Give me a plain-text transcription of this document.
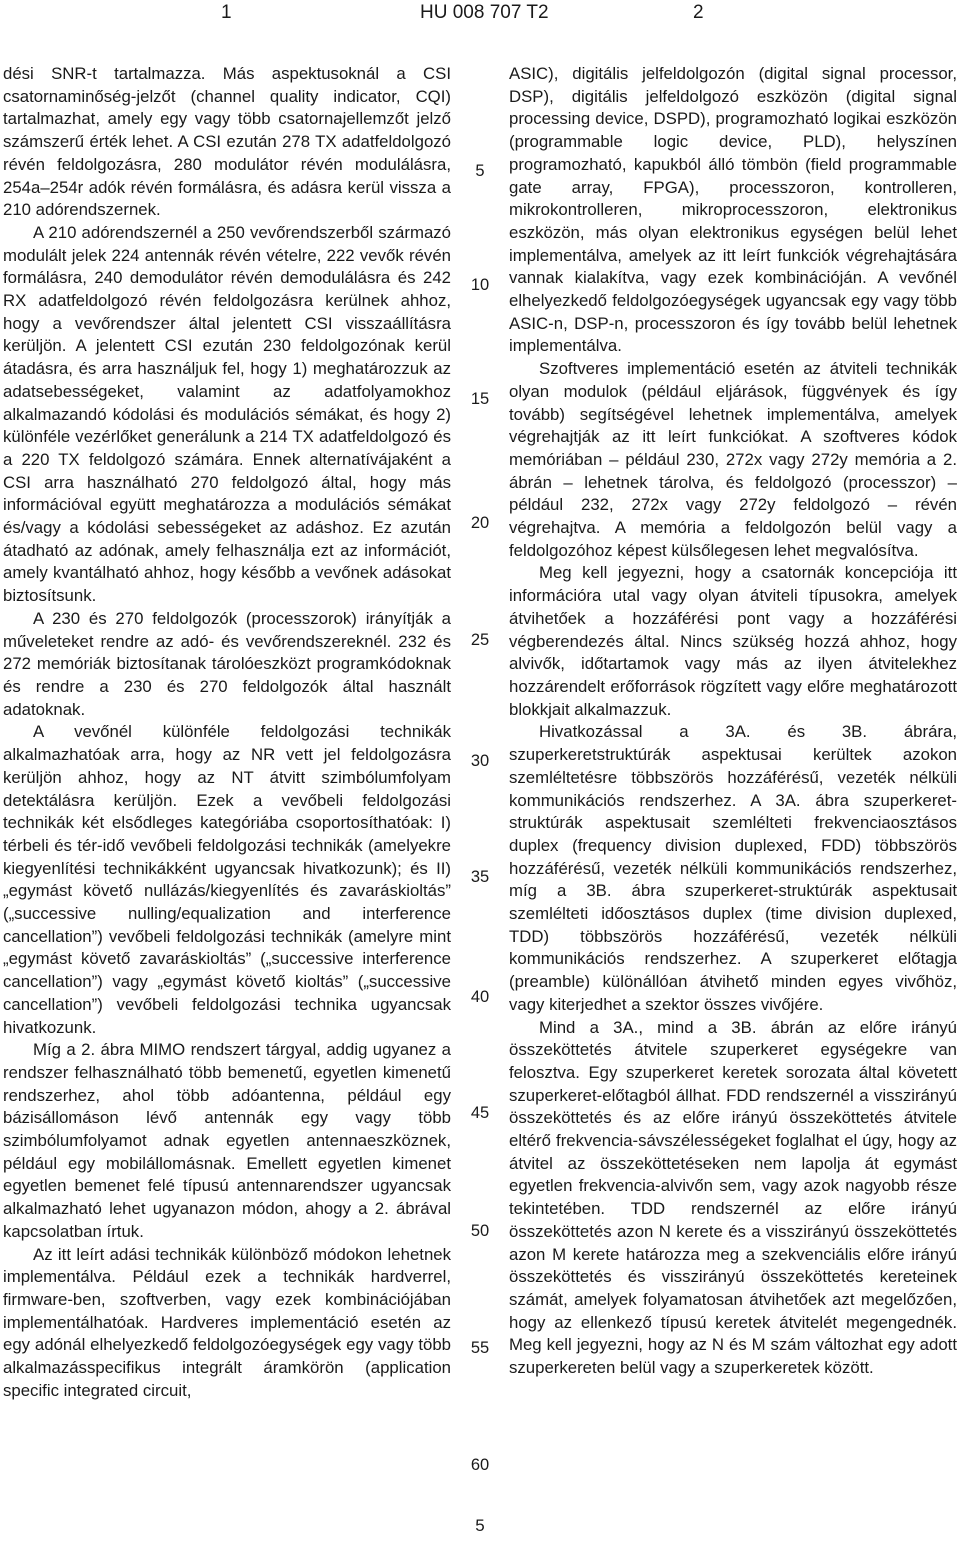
1	HU 008 707 T2	2

dési SNR-t tartalmazza. Más aspektusoknál a CSI csatornaminőség-jelzőt (channel quality indicator, CQI) tartalmazhat, amely egy vagy több csatornajellemzőt jelző számszerű érték lehet. A CSI ezután 278 TX adatfeldolgozó révén feldolgozásra, 280 modulátor révén modulálásra, 254a–254r adók révén formálásra, és adásra kerül vissza a 210 adórendszernek.

A 210 adórendszernél a 250 vevőrendszerből származó modulált jelek 224 antennák révén vételre, 222 vevők révén formálásra, 240 demodulátor révén demodulálásra és 242 RX adatfeldolgozó révén feldolgozásra kerülnek ahhoz, hogy a vevőrendszer által jelentett CSI visszaállításra kerüljön. A jelentett CSI ezután 230 feldolgozónak kerül átadásra, és arra használjuk fel, hogy 1) meghatározzuk az adatsebességeket, valamint az adatfolyamokhoz alkalmazandó kódolási és modulációs sémákat, és hogy 2) különféle vezérlőket generálunk a 214 TX adatfeldolgozó és a 220 TX feldolgozó számára. Ennek alternatívájaként a CSI arra használható 270 feldolgozó által, hogy más információval együtt meghatározza a modulációs sémákat és/vagy a kódolási sebességeket az adáshoz. Ez azután átadható az adónak, amely felhasználja ezt az információt, amely kvantálható ahhoz, hogy később a vevőnek adásokat biztosítsunk.

A 230 és 270 feldolgozók (processzorok) irányítják a műveleteket rendre az adó- és vevőrendszereknél. 232 és 272 memóriák biztosítanak tárolóeszközt programkódoknak és rendre a 230 és 270 feldolgozók által használt adatoknak.

A vevőnél különféle feldolgozási technikák alkalmazhatóak arra, hogy az NR vett jel feldolgozásra kerüljön ahhoz, hogy az NT átvitt szimbólumfolyam detektálásra kerüljön. Ezek a vevőbeli feldolgozási technikák két elsődleges kategóriába csoportosíthatóak: I) térbeli és tér-idő vevőbeli feldolgozási technikák (amelyekre kiegyenlítési technikákként ugyancsak hivatkozunk); és II) „egymást követő nullázás/kiegyenlítés és zavaráskioltás” („successive nulling/equalization and interference cancellation”) vevőbeli feldolgozási technikák (amelyre mint „egymást követő zavaráskioltás” („successive interference cancellation”) vagy „egymást követő kioltás” („successive cancellation”) vevőbeli feldolgozási technika ugyancsak hivatkozunk.

Míg a 2. ábra MIMO rendszert tárgyal, addig ugyanez a rendszer felhasználható több bemenetű, egyetlen kimenetű rendszerhez, ahol több adóantenna, például egy bázisállomáson lévő antennák egy vagy több szimbólumfolyamot adnak egyetlen antennaeszköznek, például egy mobilállomásnak. Emellett egyetlen kimenet egyetlen bemenet felé típusú antennarendszer ugyancsak alkalmazható lehet ugyanazon módon, ahogy a 2. ábrával kapcsolatban írtuk.

Az itt leírt adási technikák különböző módokon lehetnek implementálva. Például ezek a technikák hardverrel, firmware-ben, szoftverben, vagy ezek kombinációjában implementálhatóak. Hardveres implementáció esetén az egy adónál elhelyezkedő feldolgozóegységek egy vagy több alkalmazásspecifikus integrált áramkörön (application specific integrated circuit,

ASIC), digitális jelfeldolgozón (digital signal processor, DSP), digitális jelfeldolgozó eszközön (digital signal processing device, DSPD), programozható logikai eszközön (programmable logic device, PLD), helyszínen programozható, kapukból álló tömbön (field programmable gate array, FPGA), processzoron, kontrolleren, mikrokontrolleren, mikroprocesszoron, elektronikus eszközön, más olyan elektronikus egységen belül lehet implementálva, amelyek az itt leírt funkciók végrehajtására vannak kialakítva, vagy ezek kombinációján. A vevőnél elhelyezkedő feldolgozóegységek ugyancsak egy vagy több ASIC-n, DSP-n, processzoron és így tovább belül lehetnek implementálva.

Szoftveres implementáció esetén az átviteli technikák olyan modulok (például eljárások, függvények és így tovább) segítségével lehetnek implementálva, amelyek végrehajtják az itt leírt funkciókat. A szoftveres kódok memóriában – például 230, 272x vagy 272y memória a 2. ábrán – lehetnek tárolva, és feldolgozó (processzor) – például 232, 272x vagy 272y feldolgozó – révén végrehajtva. A memória a feldolgozón belül vagy a feldolgozóhoz képest külsőlegesen lehet megvalósítva.

Meg kell jegyezni, hogy a csatornák koncepciója itt információra utal vagy olyan átviteli típusokra, amelyek átvihetőek a hozzáférési pont vagy a hozzáférési végberendezés által. Nincs szükség hozzá ahhoz, hogy alvivők, időtartamok vagy más az ilyen átvitelekhez hozzárendelt erőforrások rögzített vagy előre meghatározott blokkjait alkalmazzuk.

Hivatkozással a 3A. és 3B. ábrára, szuperkeretstruktúrák aspektusai kerültek azokon szemléltetésre többszörös hozzáférésű, vezeték nélküli kommunikációs rendszerhez. A 3A. ábra szuperkeret-struktúrák aspektusait szemlélteti frekvenciaosztásos duplex (frequency division duplexed, FDD) többszörös hozzáférésű, vezeték nélküli kommunikációs rendszerhez, míg a 3B. ábra szuperkeret-struktúrák aspektusait szemlélteti időosztásos duplex (time division duplexed, TDD) többszörös hozzáférésű, vezeték nélküli kommunikációs rendszerhez. A szuperkeret előtagja (preamble) különállóan átvihető minden egyes vivőhöz, vagy kiterjedhet a szektor összes vivőjére.

Mind a 3A., mind a 3B. ábrán az előre irányú összeköttetés átvitele szuperkeret egységekre van felosztva. Egy szuperkeret keretek sorozata által követett szuperkeret-előtagból állhat. FDD rendszernél a visszirányú összeköttetés és az előre irányú összeköttetés átvitele eltérő frekvencia-sávszélességeket foglalhat el úgy, hogy az átvitel az összeköttetéseken nem lapolja át egymást egyetlen frekvencia-alvivőn sem, vagy azok nagyobb része tekintetében. TDD rendszernél az előre irányú összeköttetés azon N kerete és a visszirányú összeköttetés azon M kerete határozza meg a szekvenciális előre irányú összeköttetés és visszirányú összeköttetés kereteinek számát, amelyek folyamatosan átvihetőek azt megelőzően, hogy az ellenkező típusú keretek átvitelét megengednék. Meg kell jegyezni, hogy az N és M szám változhat egy adott szuperkereten belül vagy a szuperkeretek között.

5
10
15
20
25
30
35
40
45
50
55
60
5
